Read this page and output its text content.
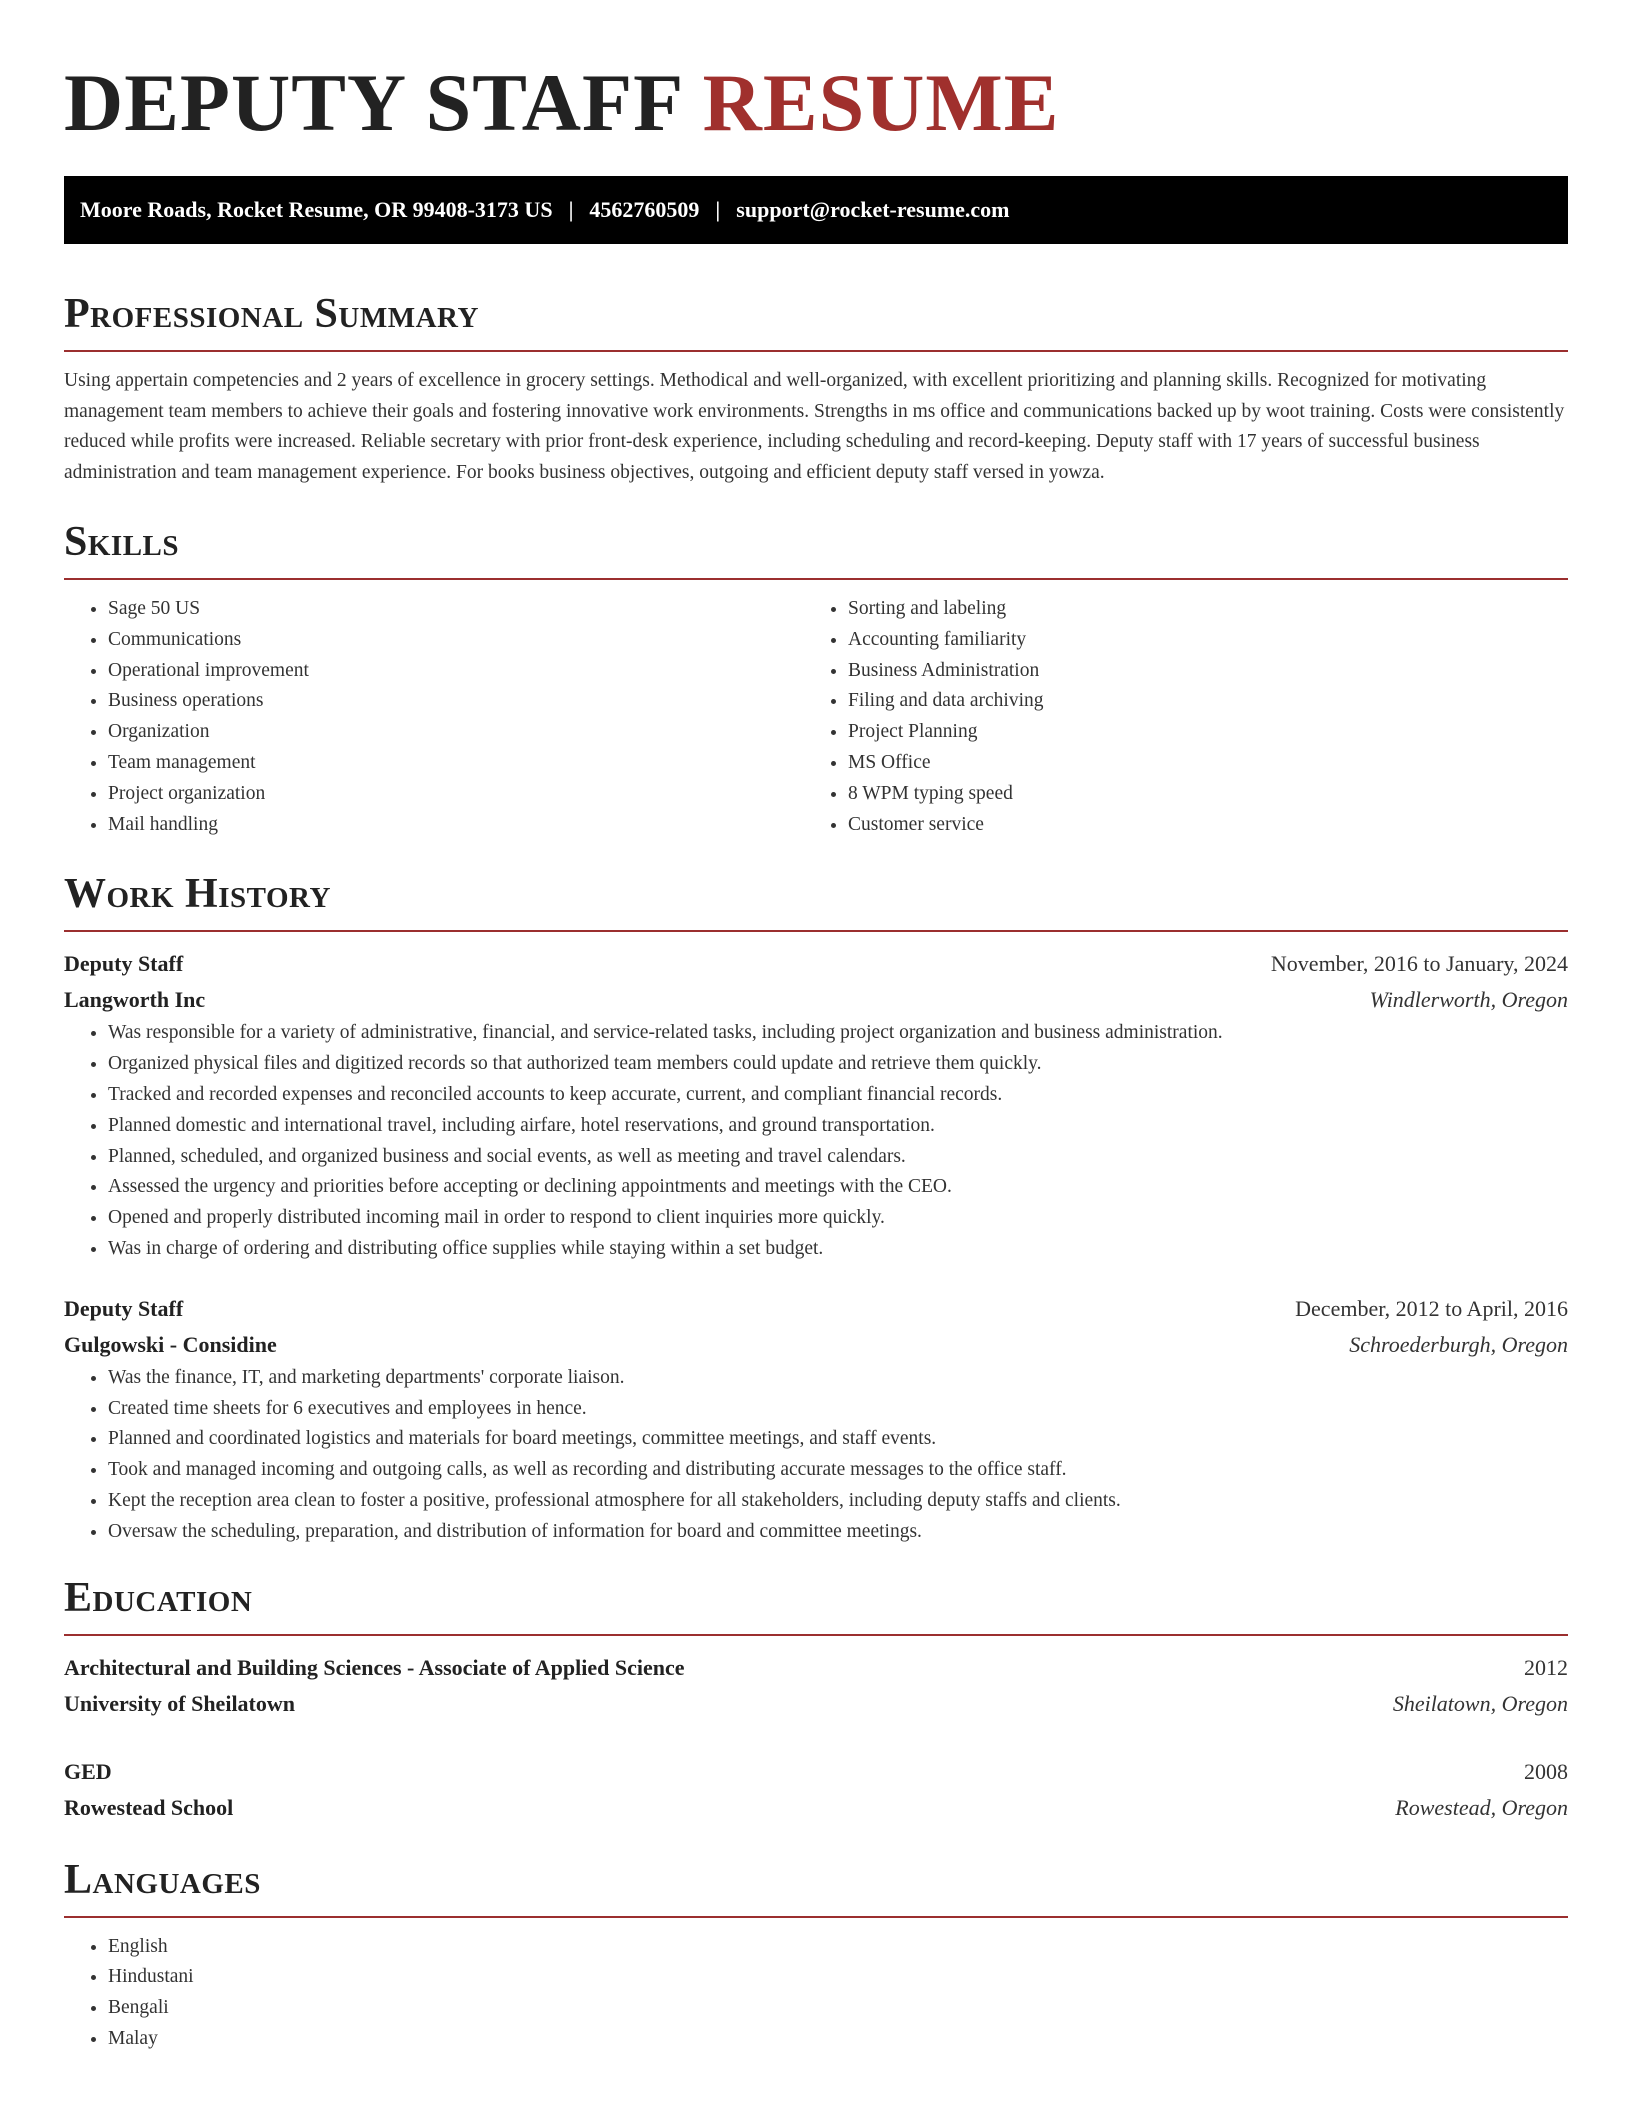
DEPUTY STAFF RESUME
Moore Roads, Rocket Resume, OR 99408-3173 US | 4562760509 | support@rocket-resume.com
Professional Summary

Using appertain competencies and 2 years of excellence in grocery settings. Methodical and well-organized, with excellent prioritizing and planning skills. Recognized for motivating management team members to achieve their goals and fostering innovative work environments. Strengths in ms office and communications backed up by woot training. Costs were consistently reduced while profits were increased. Reliable secretary with prior front-desk experience, including scheduling and record-keeping. Deputy staff with 17 years of successful business administration and team management experience. For books business objectives, outgoing and efficient deputy staff versed in yowza.

Skills
• Sage 50 US
• Communications
• Operational improvement
• Business operations
• Organization
• Team management
• Project organization
• Mail handling
• Sorting and labeling
• Accounting familiarity
• Business Administration
• Filing and data archiving
• Project Planning
• MS Office
• 8 WPM typing speed
• Customer service
Work History
Deputy Staff	November, 2016 to January, 2024
Langworth Inc	Windlerworth, Oregon
• Was responsible for a variety of administrative, financial, and service-related tasks, including project organization and business administration.
• Organized physical files and digitized records so that authorized team members could update and retrieve them quickly.
• Tracked and recorded expenses and reconciled accounts to keep accurate, current, and compliant financial records.
• Planned domestic and international travel, including airfare, hotel reservations, and ground transportation.
• Planned, scheduled, and organized business and social events, as well as meeting and travel calendars.
• Assessed the urgency and priorities before accepting or declining appointments and meetings with the CEO.
• Opened and properly distributed incoming mail in order to respond to client inquiries more quickly.
• Was in charge of ordering and distributing office supplies while staying within a set budget.
Deputy Staff	December, 2012 to April, 2016
Gulgowski - Considine	Schroederburgh, Oregon
• Was the finance, IT, and marketing departments' corporate liaison.
• Created time sheets for 6 executives and employees in hence.
• Planned and coordinated logistics and materials for board meetings, committee meetings, and staff events.
• Took and managed incoming and outgoing calls, as well as recording and distributing accurate messages to the office staff.
• Kept the reception area clean to foster a positive, professional atmosphere for all stakeholders, including deputy staffs and clients.
• Oversaw the scheduling, preparation, and distribution of information for board and committee meetings.
Education
Architectural and Building Sciences - Associate of Applied Science	2012
University of Sheilatown	Sheilatown, Oregon
GED	2008
Rowestead School	Rowestead, Oregon
Languages
• English
• Hindustani
• Bengali
• Malay
